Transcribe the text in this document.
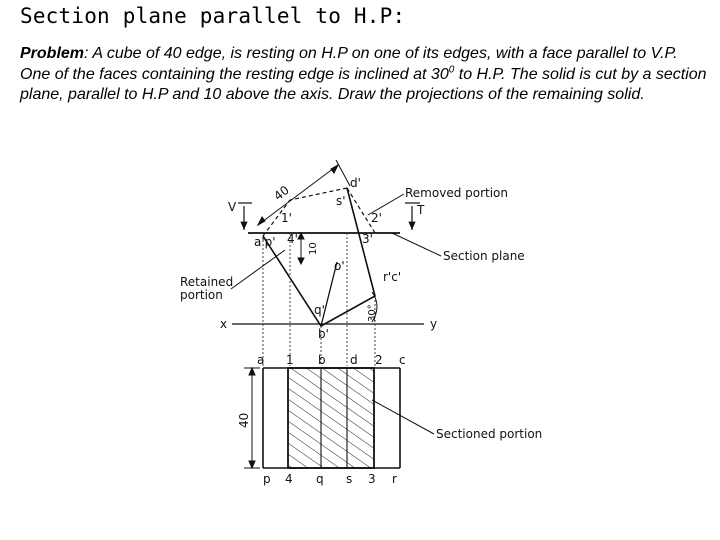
Section plane parallel to H.P:

Problem: A cube of 40 edge, is resting on H.P on one of its edges, with a face parallel to V.P. One of the faces containing the resting edge is inclined at $30^0$ to H.P. The solid is cut by a section plane, parallel to H.P and 10 above the axis. Draw the projections of the remaining solid.

x	y
40
40
10
30°
V	T
d'
s'
1'	2'
a'p' 4'	3'
o'
r'c'
q'
b'
a 1 b d 2 c
p 4 q s 3 r
Removed portion
Section plane
Retained
portion
Sectioned portion
